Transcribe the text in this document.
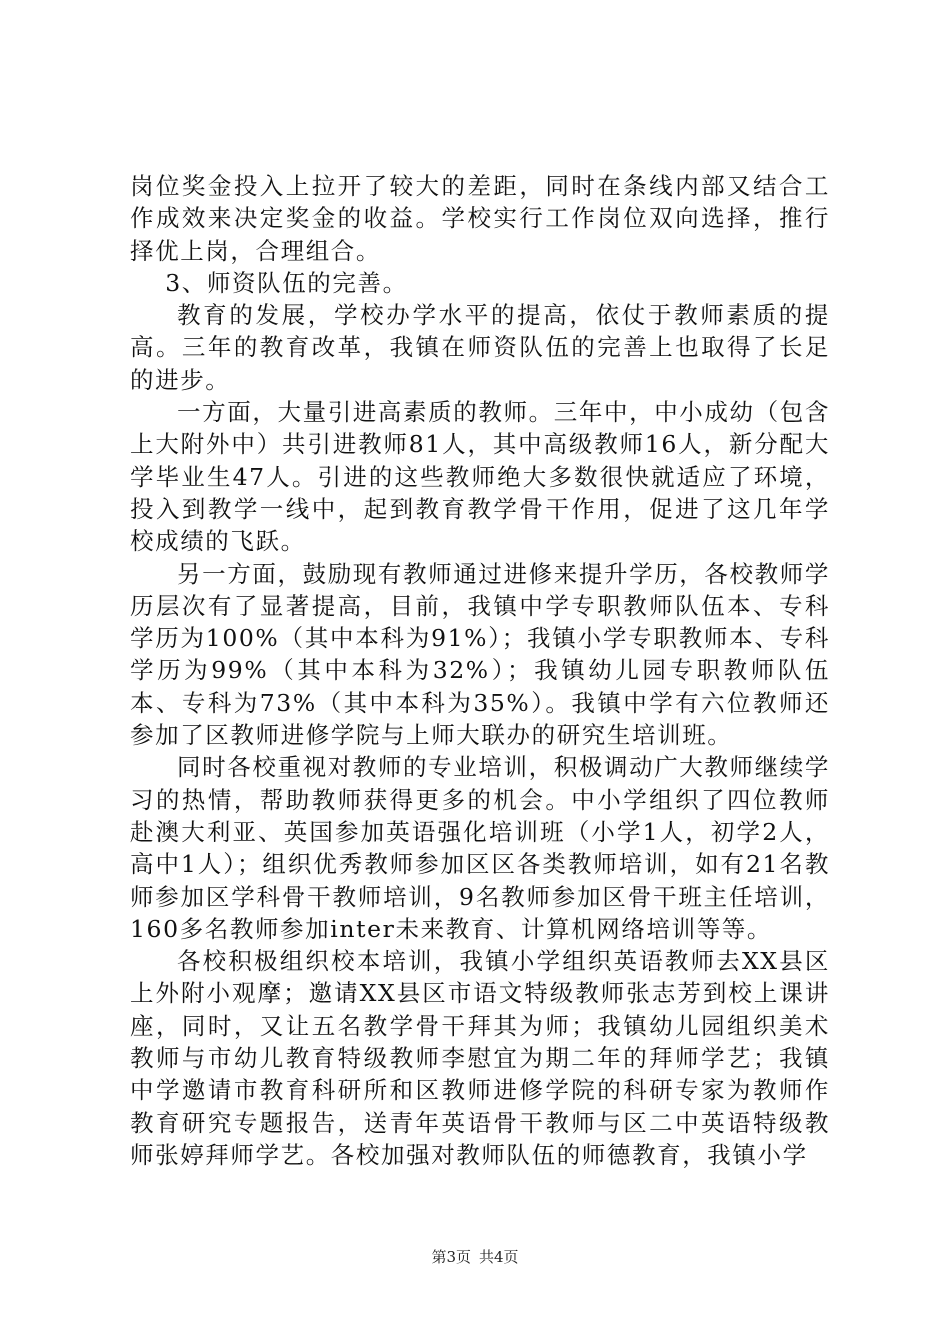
岗位奖金投入上拉开了较大的差距，同时在条线内部又结合工作成效来决定奖金的收益。学校实行工作岗位双向选择，推行择优上岗，合理组合。

3、师资队伍的完善。

教育的发展，学校办学水平的提高，依仗于教师素质的提高。三年的教育改革，我镇在师资队伍的完善上也取得了长足的进步。

一方面，大量引进高素质的教师。三年中，中小成幼（包含上大附外中）共引进教师81人，其中高级教师16人，新分配大学毕业生47人。引进的这些教师绝大多数很快就适应了环境，投入到教学一线中，起到教育教学骨干作用，促进了这几年学校成绩的飞跃。

另一方面，鼓励现有教师通过进修来提升学历，各校教师学历层次有了显著提高，目前，我镇中学专职教师队伍本、专科学历为100%（其中本科为91%）；我镇小学专职教师本、专科学历为99%（其中本科为32%）；我镇幼儿园专职教师队伍本、专科为73%（其中本科为35%）。我镇中学有六位教师还参加了区教师进修学院与上师大联办的研究生培训班。

同时各校重视对教师的专业培训，积极调动广大教师继续学习的热情，帮助教师获得更多的机会。中小学组织了四位教师赴澳大利亚、英国参加英语强化培训班（小学1人，初学2人，高中1人）；组织优秀教师参加区区各类教师培训，如有21名教师参加区学科骨干教师培训，9名教师参加区骨干班主任培训，160多名教师参加inter未来教育、计算机网络培训等等。

各校积极组织校本培训，我镇小学组织英语教师去XX县区上外附小观摩；邀请XX县区市语文特级教师张志芳到校上课讲座，同时，又让五名教学骨干拜其为师；我镇幼儿园组织美术教师与市幼儿教育特级教师李慰宜为期二年的拜师学艺；我镇中学邀请市教育科研所和区教师进修学院的科研专家为教师作教育研究专题报告，送青年英语骨干教师与区二中英语特级教师张婷拜师学艺。各校加强对教师队伍的师德教育，我镇小学

第3页 共4页
